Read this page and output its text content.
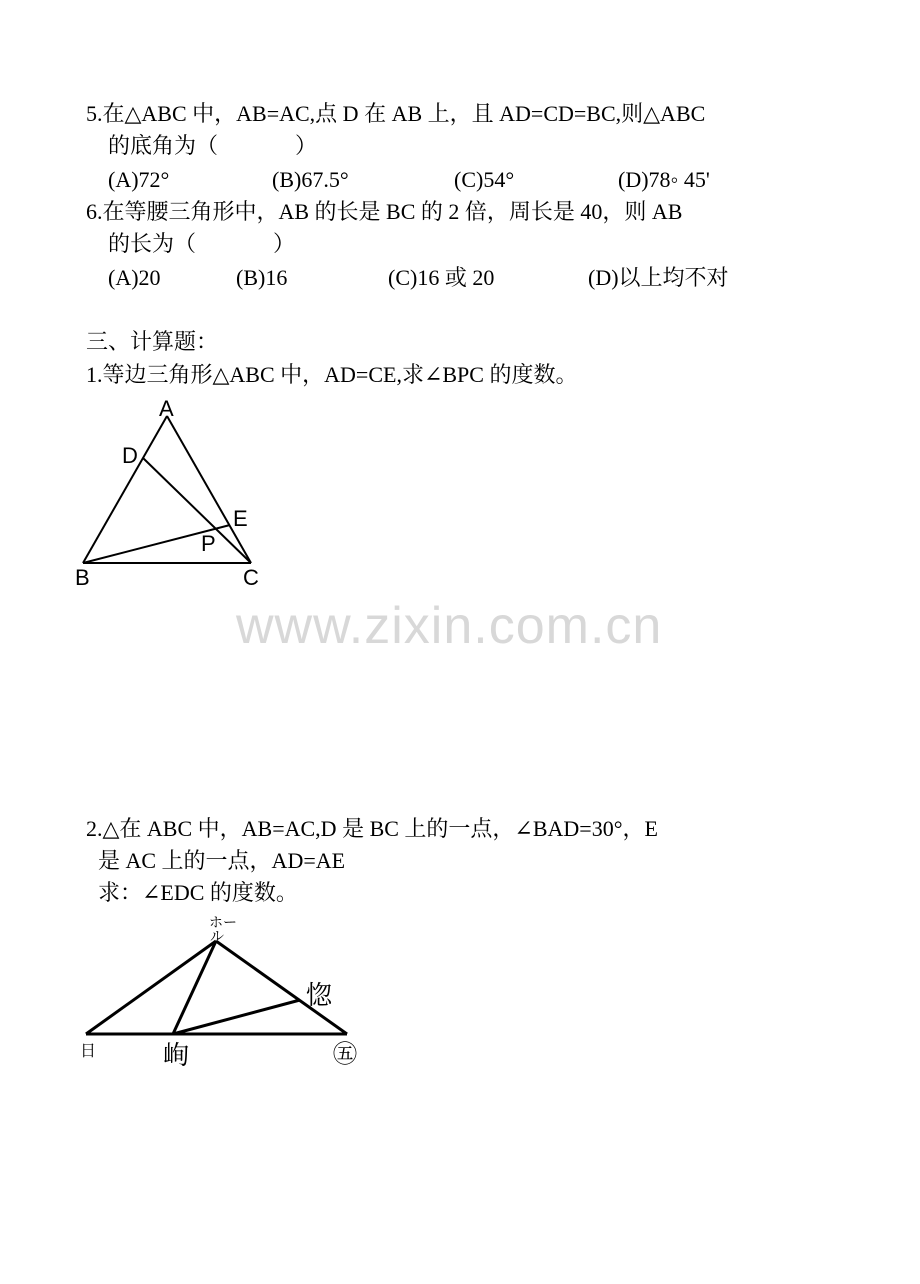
5.在△ABC 中，AB=AC,点 D 在 AB 上，且 AD=CD=BC,则△ABC
的底角为（              ）
(A)72°	(B)67.5°	(C)54°	(D)78◦ 45'
6.在等腰三角形中，AB 的长是 BC 的 2 倍，周长是 40，则 AB
的长为（              ）
(A)20	(B)16	(C)16 或 20	(D)以上均不对
三、计算题：
1.等边三角形△ABC 中，AD=CE,求∠BPC 的度数。
A
D
E
P
B	C
ホー
ル
惚
日	峋	㊄
www.zixin.com.cn
2.△在 ABC 中，AB=AC,D 是 BC 上的一点，∠BAD=30°，E
是 AC 上的一点，AD=AE
求：∠EDC 的度数。
